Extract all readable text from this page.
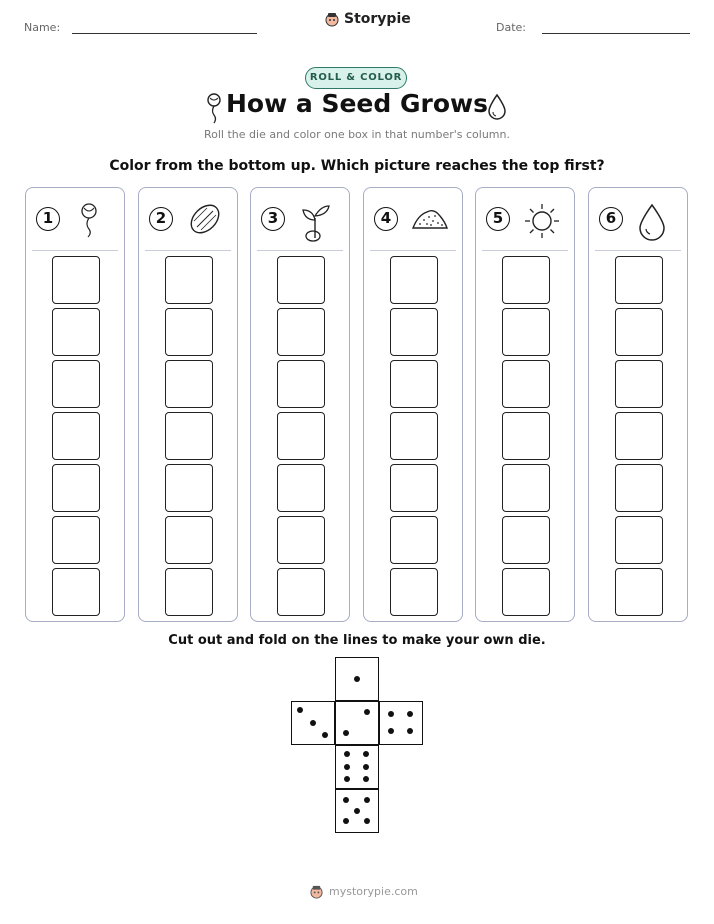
Name:
Storypie
Date:
ROLL & COLOR
How a Seed Grows
Roll the die and color one box in that number's column.
Color from the bottom up. Which picture reaches the top first?
1	2	3	4	5	6
Cut out and fold on the lines to make your own die.
mystorypie.com
